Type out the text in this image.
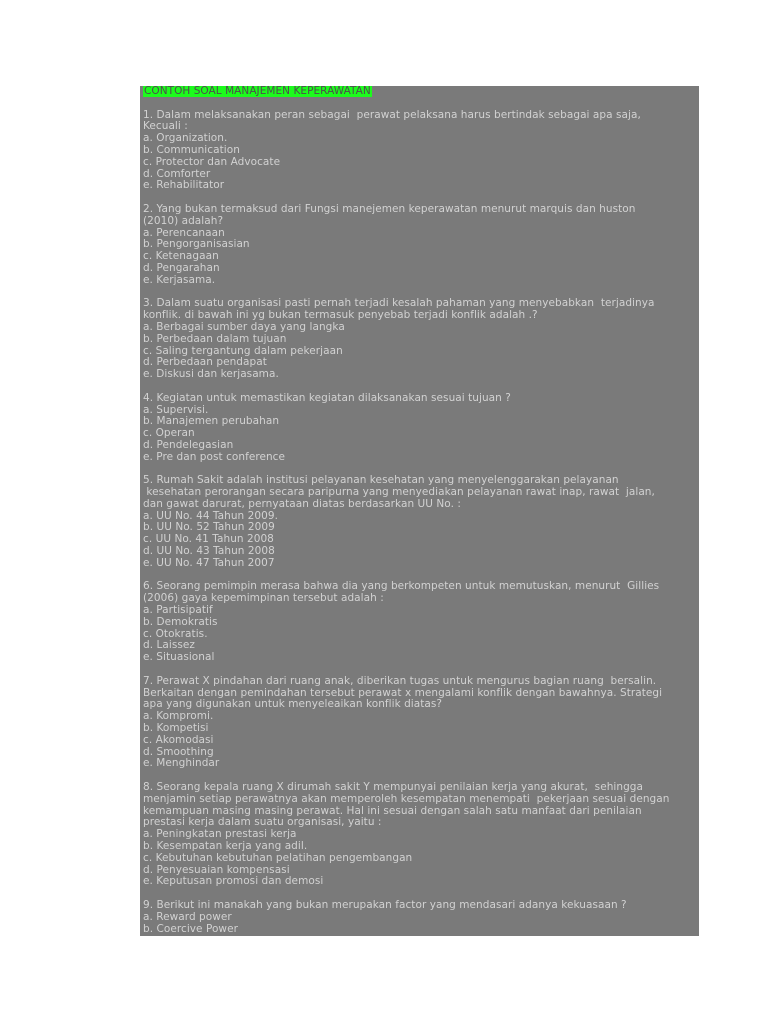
CONTOH SOAL MANAJEMEN KEPERAWATAN
1. Dalam melaksanakan peran sebagai  perawat pelaksana harus bertindak sebagai apa saja,
Kecuali :
a. Organization.
b. Communication
c. Protector dan Advocate
d. Comforter
e. Rehabilitator
2. Yang bukan termaksud dari Fungsi manejemen keperawatan menurut marquis dan huston
(2010) adalah?
a. Perencanaan
b. Pengorganisasian
c. Ketenagaan
d. Pengarahan
e. Kerjasama.
3. Dalam suatu organisasi pasti pernah terjadi kesalah pahaman yang menyebabkan  terjadinya
konflik. di bawah ini yg bukan termasuk penyebab terjadi konflik adalah .?
a. Berbagai sumber daya yang langka
b. Perbedaan dalam tujuan
c. Saling tergantung dalam pekerjaan
d. Perbedaan pendapat
e. Diskusi dan kerjasama.
4. Kegiatan untuk memastikan kegiatan dilaksanakan sesuai tujuan ?
a. Supervisi.
b. Manajemen perubahan
c. Operan
d. Pendelegasian
e. Pre dan post conference
5. Rumah Sakit adalah institusi pelayanan kesehatan yang menyelenggarakan pelayanan
kesehatan perorangan secara paripurna yang menyediakan pelayanan rawat inap, rawat  jalan,
dan gawat darurat, pernyataan diatas berdasarkan UU No. :
a. UU No. 44 Tahun 2009.
b. UU No. 52 Tahun 2009
c. UU No. 41 Tahun 2008
d. UU No. 43 Tahun 2008
e. UU No. 47 Tahun 2007
6. Seorang pemimpin merasa bahwa dia yang berkompeten untuk memutuskan, menurut  Gillies
(2006) gaya kepemimpinan tersebut adalah :
a. Partisipatif
b. Demokratis
c. Otokratis.
d. Laissez
e. Situasional
7. Perawat X pindahan dari ruang anak, diberikan tugas untuk mengurus bagian ruang  bersalin.
Berkaitan dengan pemindahan tersebut perawat x mengalami konflik dengan bawahnya. Strategi
apa yang digunakan untuk menyeleaikan konflik diatas?
a. Kompromi.
b. Kompetisi
c. Akomodasi
d. Smoothing
e. Menghindar
8. Seorang kepala ruang X dirumah sakit Y mempunyai penilaian kerja yang akurat,  sehingga
menjamin setiap perawatnya akan memperoleh kesempatan menempati  pekerjaan sesuai dengan
kemampuan masing masing perawat. Hal ini sesuai dengan salah satu manfaat dari penilaian
prestasi kerja dalam suatu organisasi, yaitu :
a. Peningkatan prestasi kerja
b. Kesempatan kerja yang adil.
c. Kebutuhan kebutuhan pelatihan pengembangan
d. Penyesuaian kompensasi
e. Keputusan promosi dan demosi
9. Berikut ini manakah yang bukan merupakan factor yang mendasari adanya kekuasaan ?
a. Reward power
b. Coercive Power
